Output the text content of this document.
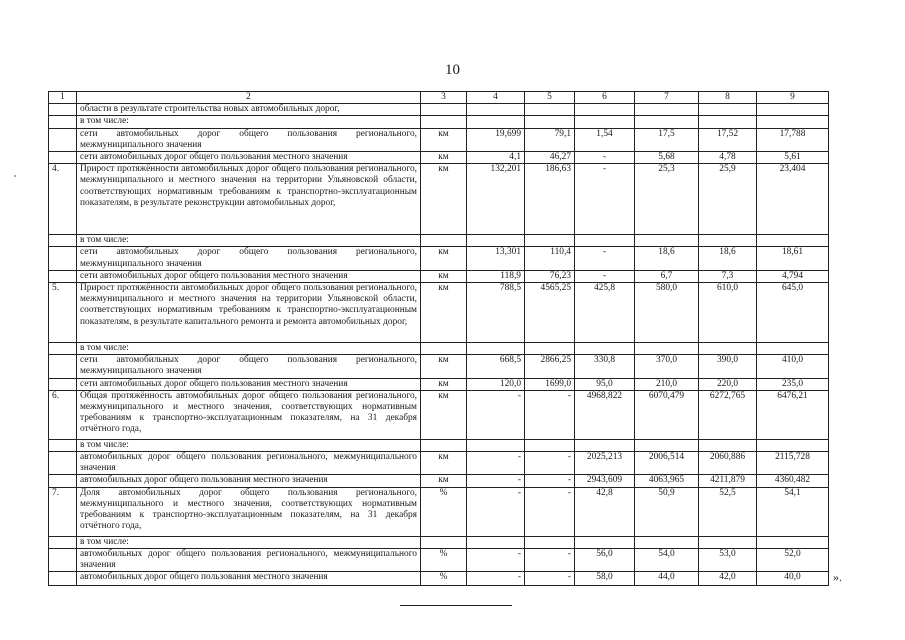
10
1	2	3	4	5	6	7	8	9
	области в результате строительства новых автомобильных дорог,							
	в том числе:							
	сети автомобильных дорог общего пользования регионального, межмуниципального значения	км	19,699	79,1	1,54	17,5	17,52	17,788
	сети автомобильных дорог общего пользования местного значения	км	4,1	46,27	-	5,68	4,78	5,61
4.	Прирост протяжённости автомобильных дорог общего пользования регионального, межмуниципального и местного значения на территории Ульяновской области, соответствующих нормативным требованиям к транспортно-эксплуатационным показателям, в результате реконструкции автомобильных дорог,	км	132,201	186,63	-	25,3	25,9	23,404
	в том числе:							
	сети автомобильных дорог общего пользования регионального, межмуниципального значения	км	13,301	110,4	-	18,6	18,6	18,61
	сети автомобильных дорог общего пользования местного значения	км	118,9	76,23	-	6,7	7,3	4,794
5.	Прирост протяжённости автомобильных дорог общего пользования регионального, межмуниципального и местного значения на территории Ульяновской области, соответствующих нормативным требованиям к транспортно-эксплуатационным показателям, в результате капитального ремонта и ремонта автомобильных дорог,	км	788,5	4565,25	425,8	580,0	610,0	645,0
	в том числе:							
	сети автомобильных дорог общего пользования регионального, межмуниципального значения	км	668,5	2866,25	330,8	370,0	390,0	410,0
	сети автомобильных дорог общего пользования местного значения	км	120,0	1699,0	95,0	210,0	220,0	235,0
6.	Общая протяжённость автомобильных дорог общего пользования регионального, межмуниципального и местного значения, соответствующих нормативным требованиям к транспортно-эксплуатационным показателям, на 31 декабря отчётного года,	км	-	-	4968,822	6070,479	6272,765	6476,21
	в том числе:							
	автомобильных дорог общего пользования регионального, межмуниципального значения	км	-	-	2025,213	2006,514	2060,886	2115,728
	автомобильных дорог общего пользования местного значения	км	-	-	2943,609	4063,965	4211,879	4360,482
7.	Доля автомобильных дорог общего пользования регионального, межмуниципального и местного значения, соответствующих нормативным требованиям к транспортно-эксплуатационным показателям, на 31 декабря отчётного года,	%	-	-	42,8	50,9	52,5	54,1
	в том числе:							
	автомобильных дорог общего пользования регионального, межмуниципального значения	%	-	-	56,0	54,0	53,0	52,0
	автомобильных дорог общего пользования местного значения	%	-	-	58,0	44,0	42,0	40,0	».
